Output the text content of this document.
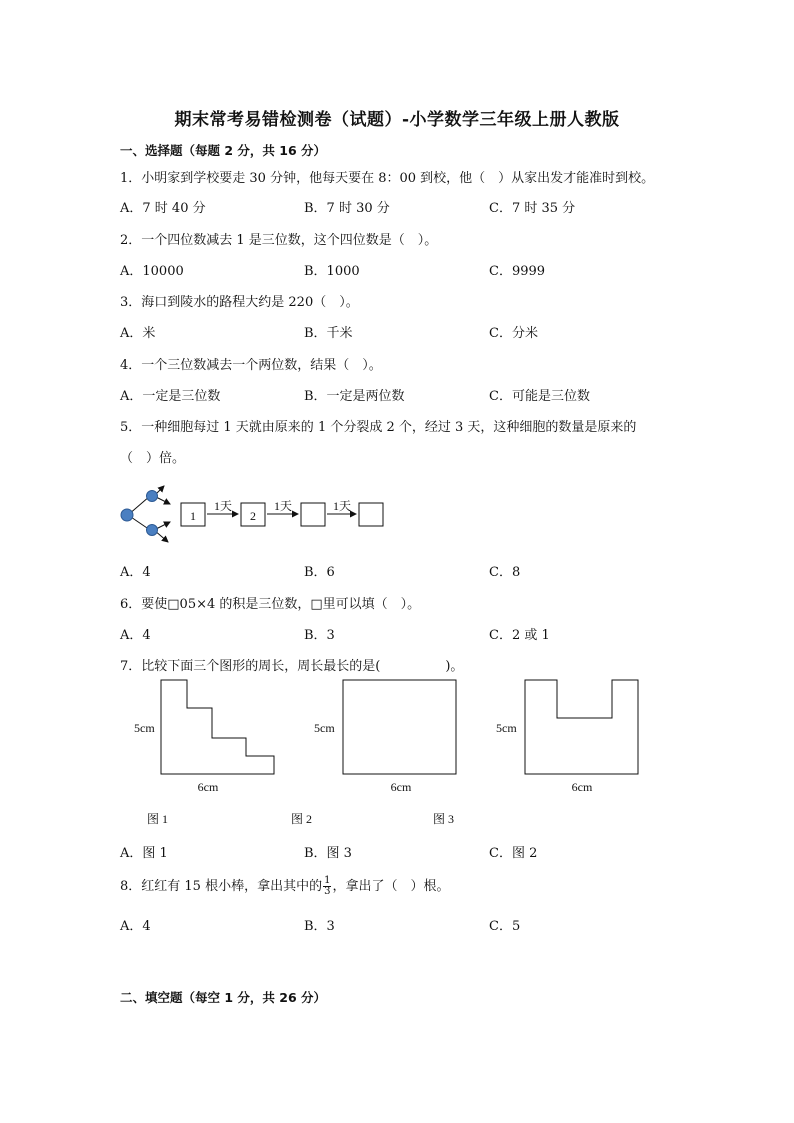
期末常考易错检测卷（试题）-小学数学三年级上册人教版
一、选择题（每题 2 分，共 16 分）
1．小明家到学校要走 30 分钟，他每天要在 8：00 到校，他（　）从家出发才能准时到校。
A．7 时 40 分	B．7 时 30 分	C．7 时 35 分
2．一个四位数减去 1 是三位数，这个四位数是（　）。
A．10000	B．1000	C．9999
3．海口到陵水的路程大约是 220（　）。
A．米	B．千米	C．分米
4．一个三位数减去一个两位数，结果（　）。
A．一定是三位数	B．一定是两位数	C．可能是三位数
5．一种细胞每过 1 天就由原来的 1 个分裂成 2 个，经过 3 天，这种细胞的数量是原来的
（　）倍。
1
1天
2
1天	1天
A．4	B．6	C．8
6．要使□05×4 的积是三位数，□里可以填（　）。
A．4	B．3	C．2 或 1
7．比较下面三个图形的周长，周长最长的是(　　　　　)。
5cm
6cm
图 1
5cm
6cm
图 2
5cm
6cm
图 3
A．图 1	B．图 3	C．图 2
8．红红有 15 根小棒，拿出其中的 $\frac{1}{3}$ ，拿出了（　）根。
A．4	B．3	C．5
二、填空题（每空 1 分，共 26 分）
